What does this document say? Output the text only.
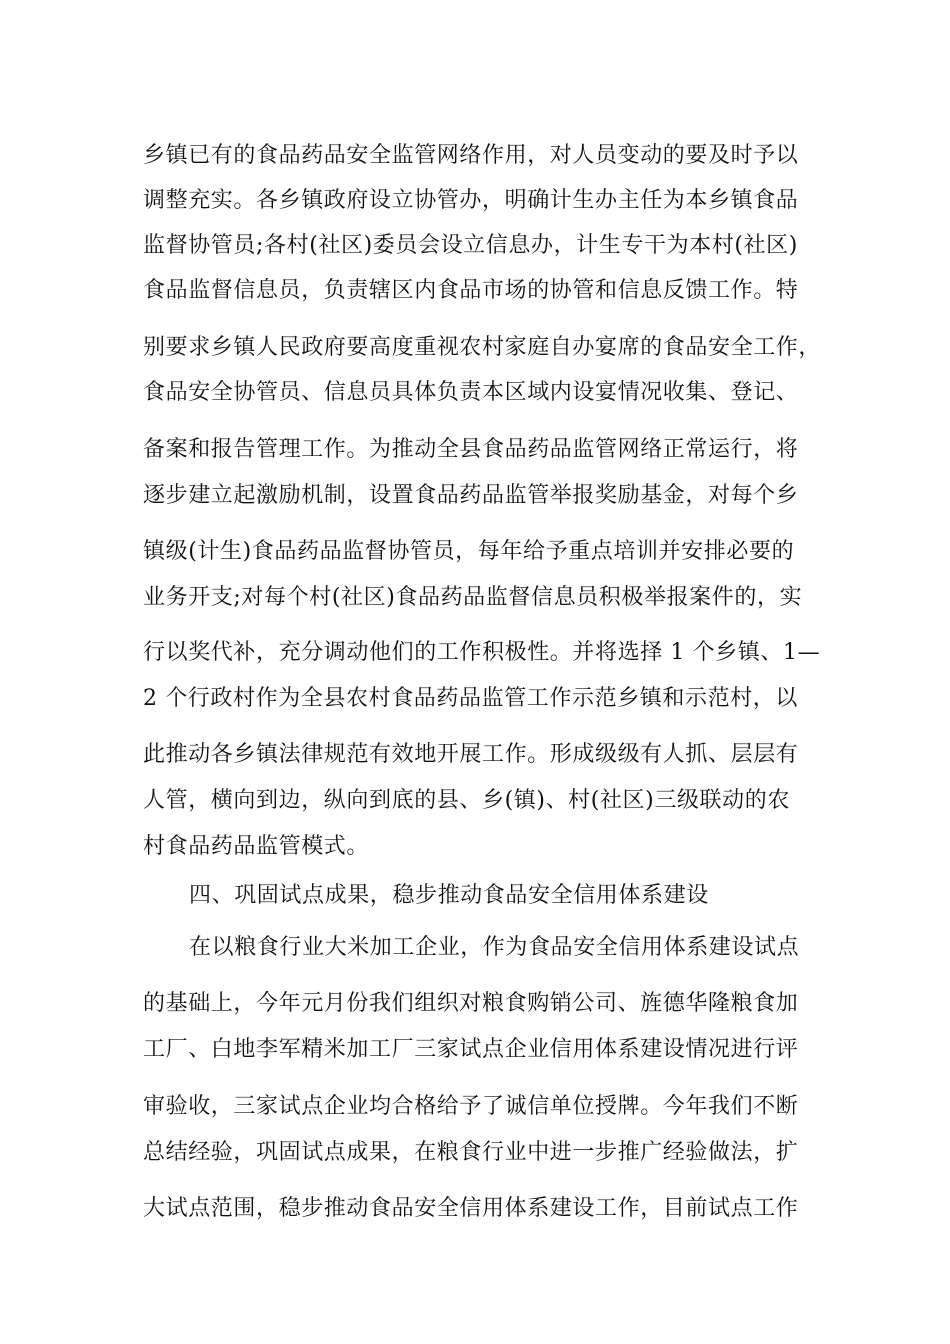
乡镇已有的食品药品安全监管网络作用，对人员变动的要及时予以
调整充实。各乡镇政府设立协管办，明确计生办主任为本乡镇食品
监督协管员;各村(社区)委员会设立信息办，计生专干为本村(社区)
食品监督信息员，负责辖区内食品市场的协管和信息反馈工作。特
别要求乡镇人民政府要高度重视农村家庭自办宴席的食品安全工作，
食品安全协管员、信息员具体负责本区域内设宴情况收集、登记、
备案和报告管理工作。为推动全县食品药品监管网络正常运行，将
逐步建立起激励机制，设置食品药品监管举报奖励基金，对每个乡
镇级(计生)食品药品监督协管员，每年给予重点培训并安排必要的
业务开支;对每个村(社区)食品药品监督信息员积极举报案件的，实
行以奖代补，充分调动他们的工作积极性。并将选择 1 个乡镇、1—
2 个行政村作为全县农村食品药品监管工作示范乡镇和示范村，以
此推动各乡镇法律规范有效地开展工作。形成级级有人抓、层层有
人管，横向到边，纵向到底的县、乡(镇)、村(社区)三级联动的农
村食品药品监管模式。
四、巩固试点成果，稳步推动食品安全信用体系建设
在以粮食行业大米加工企业，作为食品安全信用体系建设试点
的基础上，今年元月份我们组织对粮食购销公司、旌德华隆粮食加
工厂、白地李军精米加工厂三家试点企业信用体系建设情况进行评
审验收，三家试点企业均合格给予了诚信单位授牌。今年我们不断
总结经验，巩固试点成果，在粮食行业中进一步推广经验做法，扩
大试点范围，稳步推动食品安全信用体系建设工作，目前试点工作
